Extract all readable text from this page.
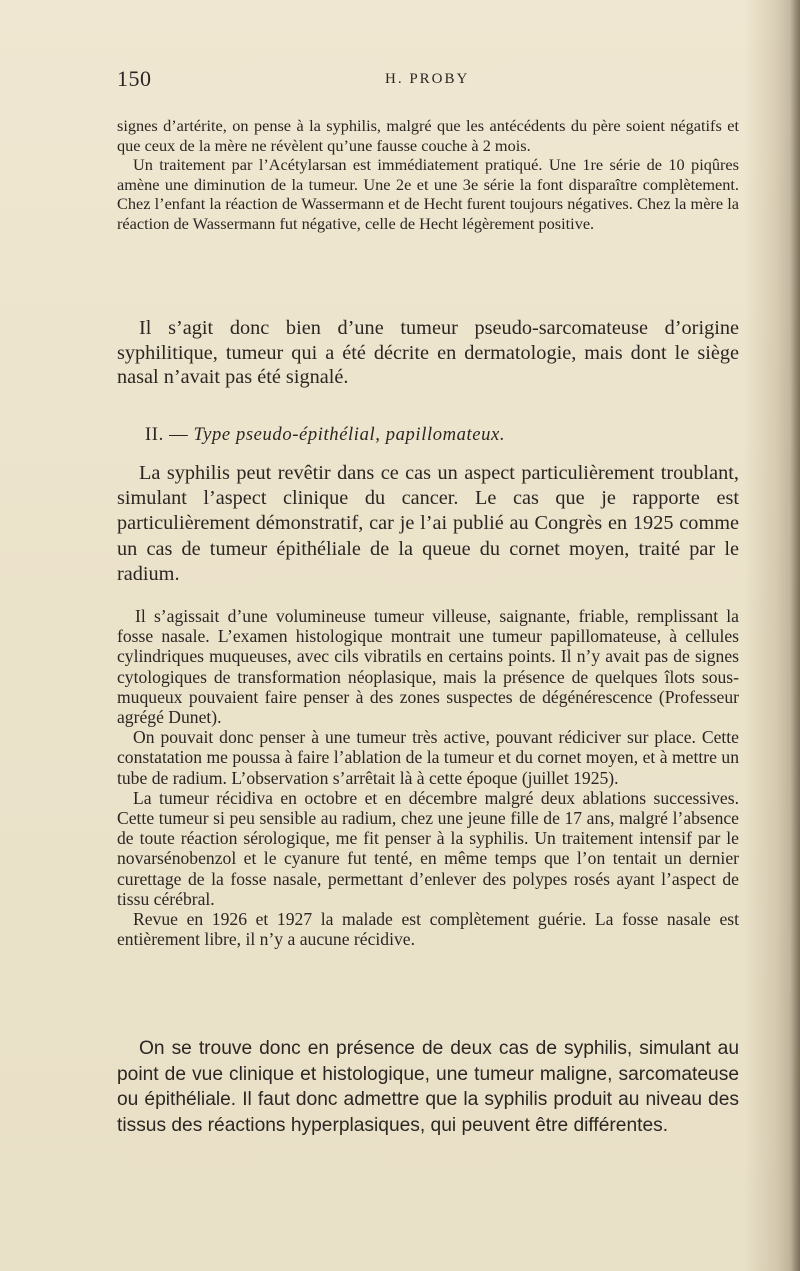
150	H. PROBY

signes d’artérite, on pense à la syphilis, malgré que les antécédents du père soient négatifs et que ceux de la mère ne révèlent qu’une fausse couche à 2 mois.

Un traitement par l’Acétylarsan est immédiatement pratiqué. Une 1re série de 10 piqûres amène une diminution de la tumeur. Une 2e et une 3e série la font disparaître complètement. Chez l’enfant la réaction de Wassermann et de Hecht furent toujours négatives. Chez la mère la réaction de Wassermann fut négative, celle de Hecht légèrement positive.

Il s’agit donc bien d’une tumeur pseudo-sarcomateuse d’origine syphilitique, tumeur qui a été décrite en dermatologie, mais dont le siège nasal n’avait pas été signalé.

II. — Type pseudo-épithélial, papillomateux.

La syphilis peut revêtir dans ce cas un aspect particulièrement troublant, simulant l’aspect clinique du cancer. Le cas que je rapporte est particulièrement démonstratif, car je l’ai publié au Congrès en 1925 comme un cas de tumeur épithéliale de la queue du cornet moyen, traité par le radium.

Il s’agissait d’une volumineuse tumeur villeuse, saignante, friable, remplissant la fosse nasale. L’examen histologique montrait une tumeur papillomateuse, à cellules cylindriques muqueuses, avec cils vibratils en certains points. Il n’y avait pas de signes cytologiques de transformation néoplasique, mais la présence de quelques îlots sous-muqueux pouvaient faire penser à des zones suspectes de dégénérescence (Professeur agrégé Dunet).

On pouvait donc penser à une tumeur très active, pouvant rédiciver sur place. Cette constatation me poussa à faire l’ablation de la tumeur et du cornet moyen, et à mettre un tube de radium. L’observation s’arrêtait là à cette époque (juillet 1925).

La tumeur récidiva en octobre et en décembre malgré deux ablations successives. Cette tumeur si peu sensible au radium, chez une jeune fille de 17 ans, malgré l’absence de toute réaction sérologique, me fit penser à la syphilis. Un traitement intensif par le novarsénobenzol et le cyanure fut tenté, en même temps que l’on tentait un dernier curettage de la fosse nasale, permettant d’enlever des polypes rosés ayant l’aspect de tissu cérébral.

Revue en 1926 et 1927 la malade est complètement guérie. La fosse nasale est entièrement libre, il n’y a aucune récidive.

On se trouve donc en présence de deux cas de syphilis, simulant au point de vue clinique et histologique, une tumeur maligne, sarcomateuse ou épithéliale. Il faut donc admettre que la syphilis produit au niveau des tissus des réactions hyperplasiques, qui peuvent être différentes.
